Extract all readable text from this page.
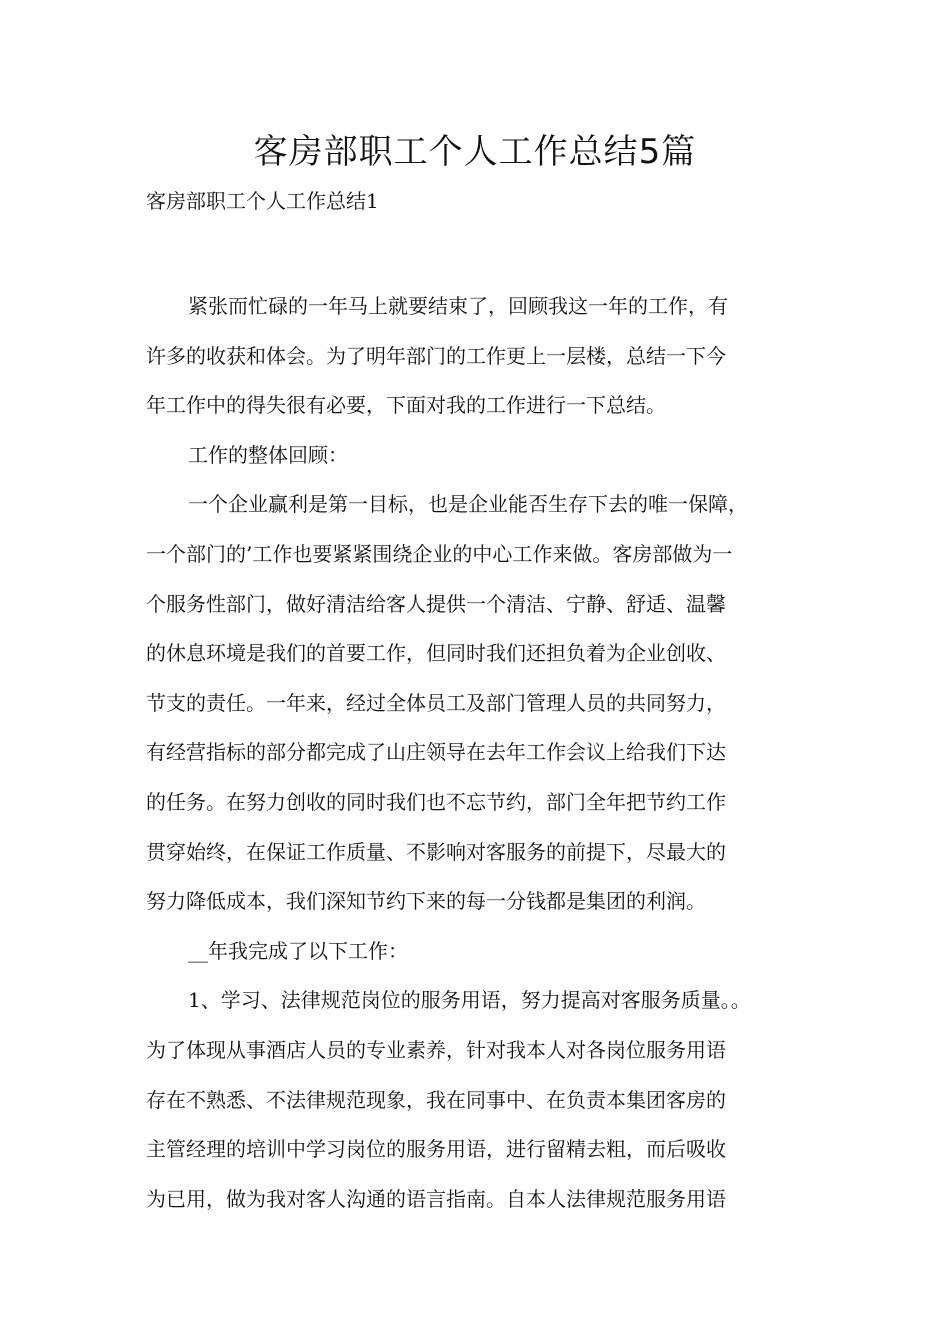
客房部职工个人工作总结5篇

客房部职工个人工作总结1

紧张而忙碌的一年马上就要结束了，回顾我这一年的工作，有
许多的收获和体会。为了明年部门的工作更上一层楼，总结一下今
年工作中的得失很有必要，下面对我的工作进行一下总结。
工作的整体回顾：
一个企业赢利是第一目标，也是企业能否生存下去的唯一保障，
一个部门的’工作也要紧紧围绕企业的中心工作来做。客房部做为一
个服务性部门，做好清洁给客人提供一个清洁、宁静、舒适、温馨
的休息环境是我们的首要工作，但同时我们还担负着为企业创收、
节支的责任。一年来，经过全体员工及部门管理人员的共同努力，
有经营指标的部分都完成了山庄领导在去年工作会议上给我们下达
的任务。在努力创收的同时我们也不忘节约，部门全年把节约工作
贯穿始终，在保证工作质量、不影响对客服务的前提下，尽最大的
努力降低成本，我们深知节约下来的每一分钱都是集团的利润。
__年我完成了以下工作：
1、学习、法律规范岗位的服务用语，努力提高对客服务质量。。
为了体现从事酒店人员的专业素养，针对我本人对各岗位服务用语
存在不熟悉、不法律规范现象，我在同事中、在负责本集团客房的
主管经理的培训中学习岗位的服务用语，进行留精去粗，而后吸收
为已用，做为我对客人沟通的语言指南。自本人法律规范服务用语
